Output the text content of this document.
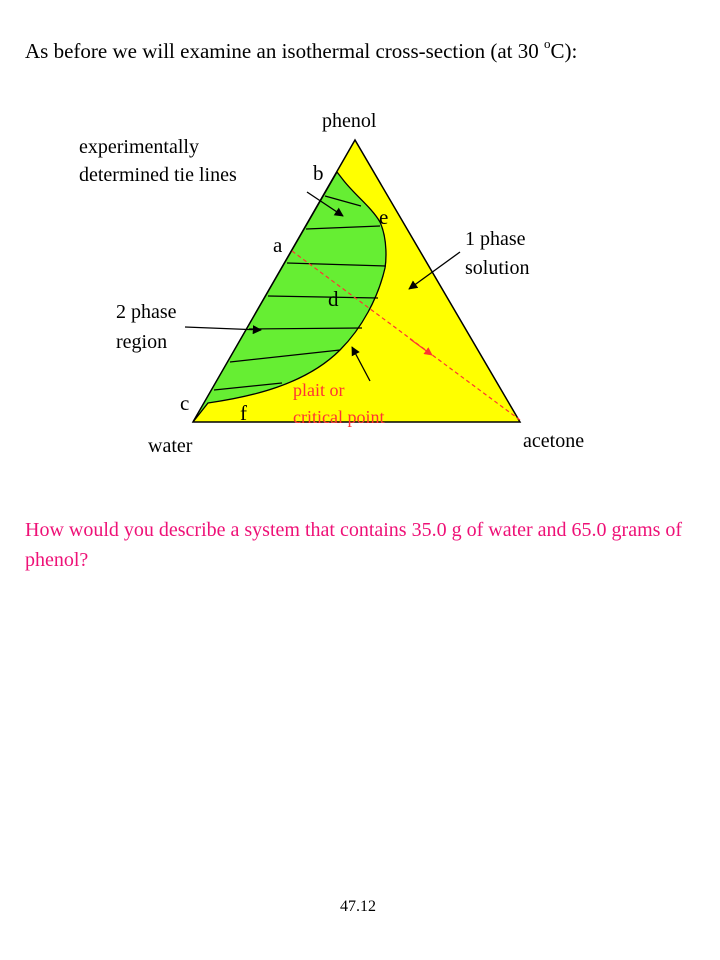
As before we will examine an isothermal cross-section (at 30 $^o$C):
phenol
water	acetone
b
e
a
d
c f
experimentally
determined tie lines
1 phase
solution
2 phase
region
plait or
critical point
How would you describe a system that contains 35.0 g of water and 65.0 grams of phenol?
47.12
